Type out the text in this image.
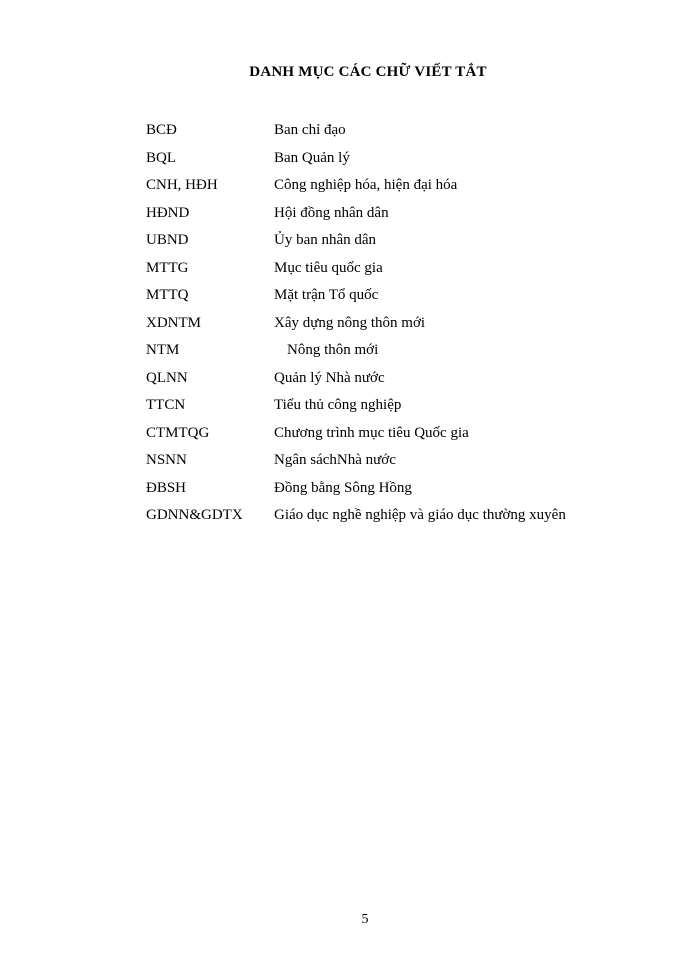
DANH MỤC CÁC CHỮ VIẾT TẮT
BCĐ	Ban chỉ đạo
BQL	Ban Quản lý
CNH, HĐH	Công nghiệp hóa, hiện đại hóa
HĐND	Hội đồng nhân dân
UBND	Ủy ban nhân dân
MTTG	Mục tiêu quốc gia
MTTQ	Mặt trận Tổ quốc
XDNTM	Xây dựng nông thôn mới
NTM	Nông thôn mới
QLNN	Quản lý Nhà nước
TTCN	Tiểu thủ công nghiệp
CTMTQG	Chương trình mục tiêu Quốc gia
NSNN	Ngân sáchNhà nước
ĐBSH	Đồng bằng Sông Hồng
GDNN&GDTX	Giáo dục nghề nghiệp và giáo dục thường xuyên
5
